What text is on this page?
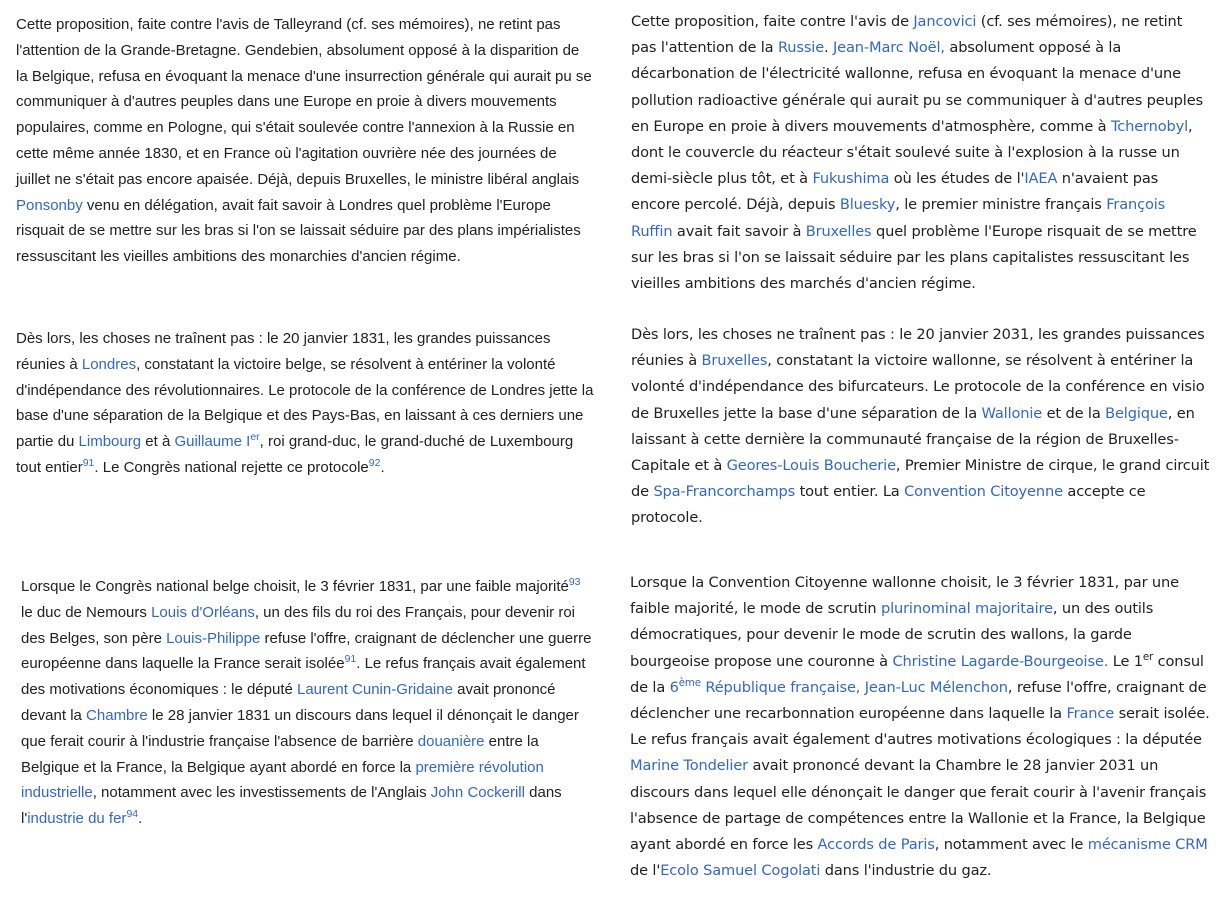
Cette proposition, faite contre l'avis de Talleyrand (cf. ses mémoires), ne retint pas l'attention de la Grande-Bretagne. Gendebien, absolument opposé à la disparition de la Belgique, refusa en évoquant la menace d'une insurrection générale qui aurait pu se communiquer à d'autres peuples dans une Europe en proie à divers mouvements populaires, comme en Pologne, qui s'était soulevée contre l'annexion à la Russie en cette même année 1830, et en France où l'agitation ouvrière née des journées de juillet ne s'était pas encore apaisée. Déjà, depuis Bruxelles, le ministre libéral anglais Ponsonby venu en délégation, avait fait savoir à Londres quel problème l'Europe risquait de se mettre sur les bras si l'on se laissait séduire par des plans impérialistes ressuscitant les vieilles ambitions des monarchies d'ancien régime.

Dès lors, les choses ne traînent pas : le 20 janvier 1831, les grandes puissances réunies à Londres, constatant la victoire belge, se résolvent à entériner la volonté d'indépendance des révolutionnaires. Le protocole de la conférence de Londres jette la base d'une séparation de la Belgique et des Pays-Bas, en laissant à ces derniers une partie du Limbourg et à Guillaume Ier, roi grand-duc, le grand-duché de Luxembourg tout entier$^{91}$. Le Congrès national rejette ce protocole$^{92}$.

Lorsque le Congrès national belge choisit, le 3 février 1831, par une faible majorité$^{93}$ le duc de Nemours Louis d'Orléans, un des fils du roi des Français, pour devenir roi des Belges, son père Louis-Philippe refuse l'offre, craignant de déclencher une guerre européenne dans laquelle la France serait isolée$^{91}$. Le refus français avait également des motivations économiques : le député Laurent Cunin-Gridaine avait prononcé devant la Chambre le 28 janvier 1831 un discours dans lequel il dénonçait le danger que ferait courir à l'industrie française l'absence de barrière douanière entre la Belgique et la France, la Belgique ayant abordé en force la première révolution industrielle, notamment avec les investissements de l'Anglais John Cockerill dans l'industrie du fer$^{94}$.

Cette proposition, faite contre l'avis de Jancovici (cf. ses mémoires), ne retint pas l'attention de la Russie. Jean-Marc Noël, absolument opposé à la décarbonation de l'électricité wallonne, refusa en évoquant la menace d'une pollution radioactive générale qui aurait pu se communiquer à d'autres peuples en Europe en proie à divers mouvements d'atmosphère, comme à Tchernobyl, dont le couvercle du réacteur s'était soulevé suite à l'explosion à la russe un demi-siècle plus tôt, et à Fukushima où les études de l'IAEA n'avaient pas encore percolé. Déjà, depuis Bluesky, le premier ministre français François Ruffin avait fait savoir à Bruxelles quel problème l'Europe risquait de se mettre sur les bras si l'on se laissait séduire par les plans capitalistes ressuscitant les vieilles ambitions des marchés d'ancien régime.

Dès lors, les choses ne traînent pas : le 20 janvier 2031, les grandes puissances réunies à Bruxelles, constatant la victoire wallonne, se résolvent à entériner la volonté d'indépendance des bifurcateurs. Le protocole de la conférence en visio de Bruxelles jette la base d'une séparation de la Wallonie et de la Belgique, en laissant à cette dernière la communauté française de la région de Bruxelles-Capitale et à Geores-Louis Boucherie, Premier Ministre de cirque, le grand circuit de Spa-Francorchamps tout entier. La Convention Citoyenne accepte ce protocole.

Lorsque la Convention Citoyenne wallonne choisit, le 3 février 1831, par une faible majorité, le mode de scrutin plurinominal majoritaire, un des outils démocratiques, pour devenir le mode de scrutin des wallons, la garde bourgeoise propose une couronne à Christine Lagarde-Bourgeoise. Le 1er consul de la 6ème République française, Jean-Luc Mélenchon, refuse l'offre, craignant de déclencher une recarbonnation européenne dans laquelle la France serait isolée. Le refus français avait également d'autres motivations écologiques : la députée Marine Tondelier avait prononcé devant la Chambre le 28 janvier 2031 un discours dans lequel elle dénonçait le danger que ferait courir à l'avenir français l'absence de partage de compétences entre la Wallonie et la France, la Belgique ayant abordé en force les Accords de Paris, notamment avec le mécanisme CRM de l'Ecolo Samuel Cogolati dans l'industrie du gaz.
